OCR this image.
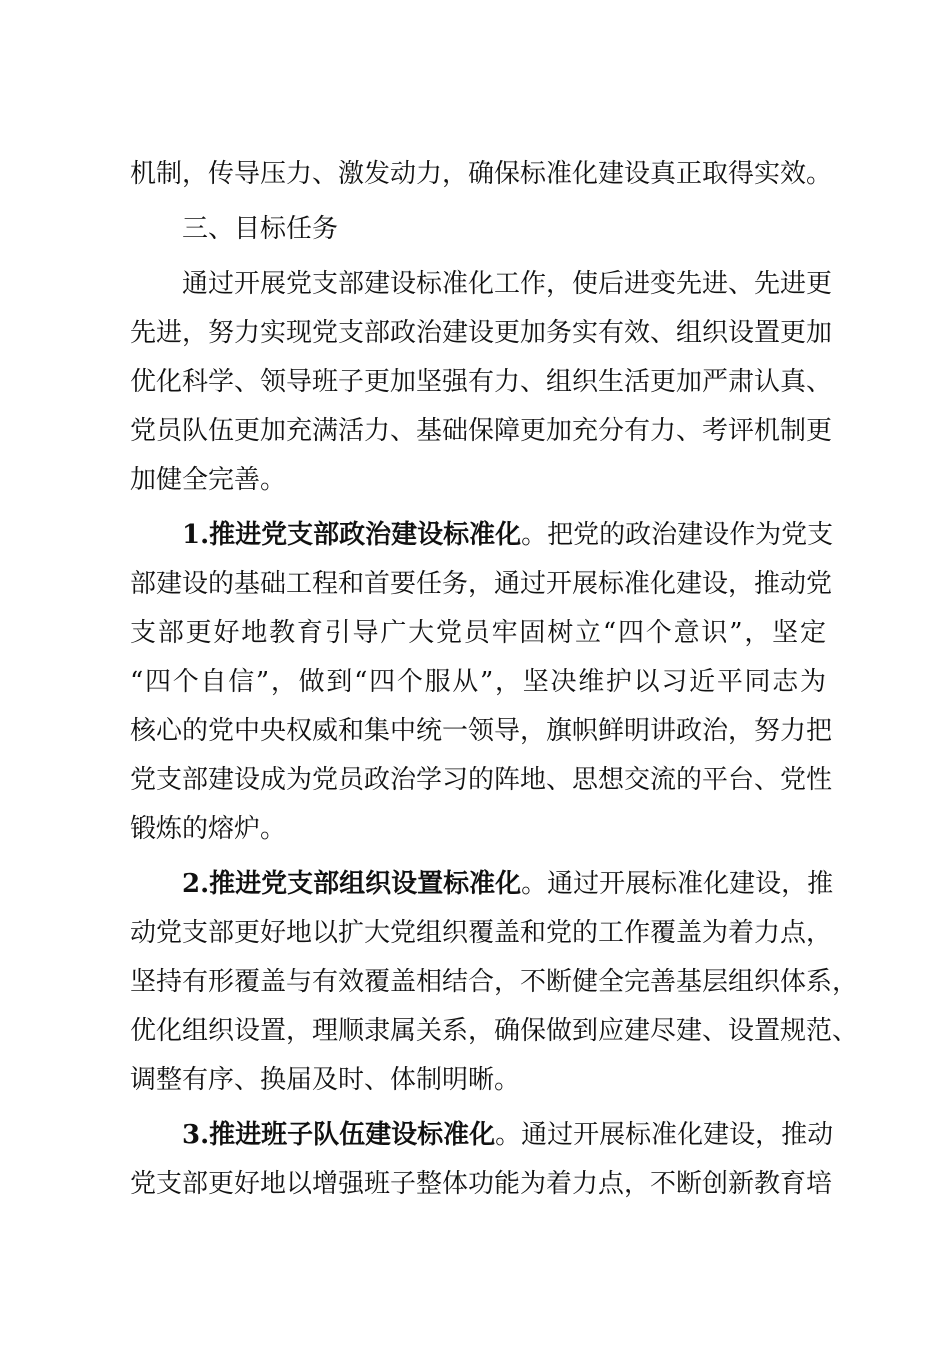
机制，传导压力、激发动力，确保标准化建设真正取得实效。
三、目标任务
通过开展党支部建设标准化工作，使后进变先进、先进更
先进，努力实现党支部政治建设更加务实有效、组织设置更加
优化科学、领导班子更加坚强有力、组织生活更加严肃认真、
党员队伍更加充满活力、基础保障更加充分有力、考评机制更
加健全完善。
1.推进党支部政治建设标准化。把党的政治建设作为党支
部建设的基础工程和首要任务，通过开展标准化建设，推动党
支部更好地教育引导广大党员牢固树立“四个意识”，坚定
“四个自信”，做到“四个服从”，坚决维护以习近平同志为
核心的党中央权威和集中统一领导，旗帜鲜明讲政治，努力把
党支部建设成为党员政治学习的阵地、思想交流的平台、党性
锻炼的熔炉。
2.推进党支部组织设置标准化。通过开展标准化建设，推
动党支部更好地以扩大党组织覆盖和党的工作覆盖为着力点，
坚持有形覆盖与有效覆盖相结合，不断健全完善基层组织体系，
优化组织设置，理顺隶属关系，确保做到应建尽建、设置规范、
调整有序、换届及时、体制明晰。
3.推进班子队伍建设标准化。通过开展标准化建设，推动
党支部更好地以增强班子整体功能为着力点，不断创新教育培
